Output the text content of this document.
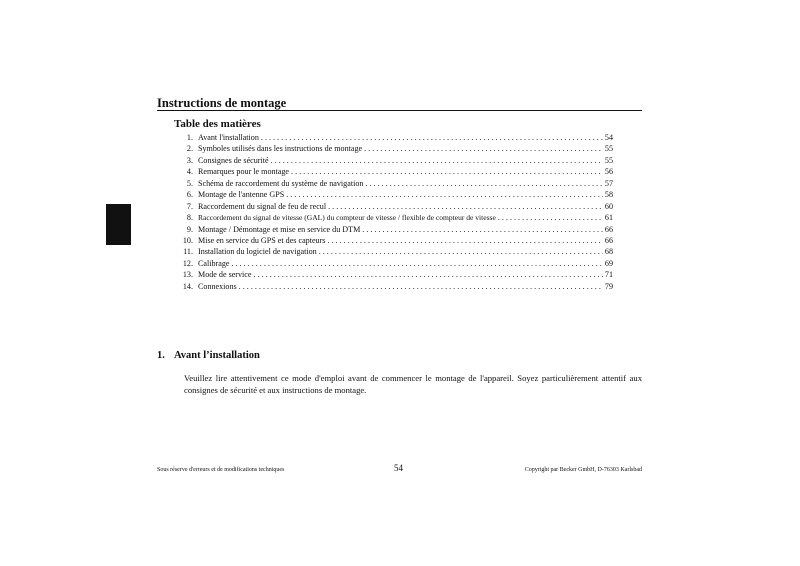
Instructions de montage
Table des matières
1. Avant l'installation . . .	54
2. Symboles utilisés dans les instructions de montage . . .	55
3. Consignes de sécurité . . .	55
4. Remarques pour le montage . . .	56
5. Schéma de raccordement du système de navigation . . .	57
6. Montage de l'antenne GPS . . .	58
7. Raccordement du signal de feu de recul . . .	60
8. Raccordement du signal de vitesse (GAL) du compteur de vitesse / flexible de compteur de vitesse . . .	61
9. Montage / Démontage et mise en service du DTM . . .	66
10. Mise en service du GPS et des capteurs . . .	66
11. Installation du logiciel de navigation . . .	68
12. Calibrage . . .	69
13. Mode de service . . .	71
14. Connexions . . .	79
1. Avant l’installation

Veuillez lire attentivement ce mode d'emploi avant de commencer le montage de l'appareil. Soyez particulièrement attentif aux consignes de sécurité et aux instructions de montage.

Sous réserve d'erreurs et de modifications techniques	54	Copyright par Becker GmbH, D-76303 Karlsbad
